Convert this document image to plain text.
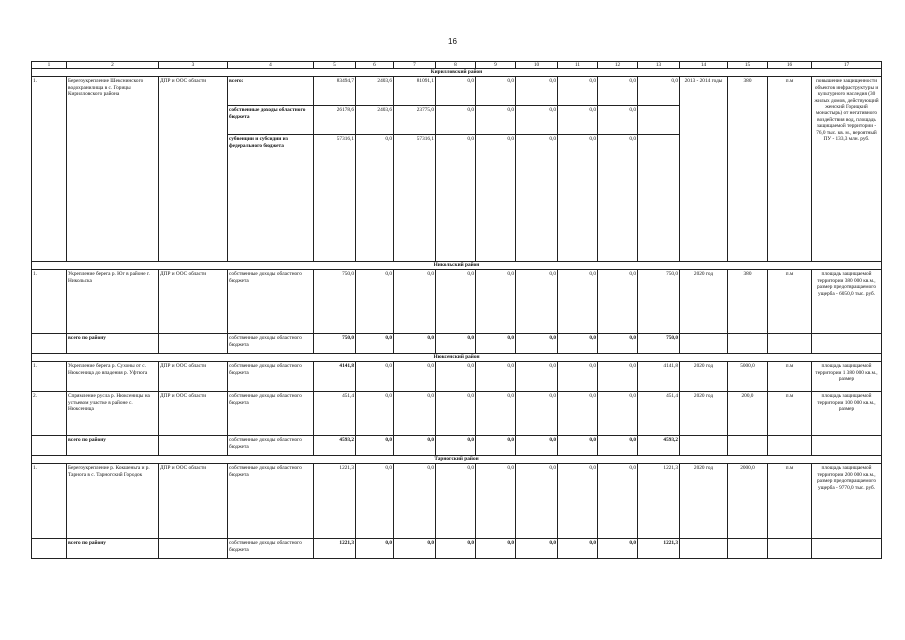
16
1	2	3	4	5	6	7	8	9	10	11	12	13	14	15	16	17
Кирилловский район																
1.	Берегоукрепление Шекснинского водохранилища в с. Горицы Кирилловского района	ДПР и ООС области	всего:	83494,7	2403,6	81091,1	0,0	0,0	0,0	0,0	0,0	0,0	2013 - 2014 годы	380	п.м	повышение защищенности объектов инфраструктуры и культурного наследия (30 жилых домов, действующий женский Горицкий монастырь) от негативного воздействия вод, площадь защищаемой территории - 76,0 тыс. кв. м., вероятный ПУ - 133,3 млн. руб.
			собственные доходы областного бюджета	26178,6	2403,6	23775,0	0,0	0,0	0,0	0,0	0,0					
			субвенции и субсидии из федерального бюджета	57316,1	0,0	57316,1	0,0	0,0	0,0	0,0	0,0					
Никольский район																
1.	Укрепление берега р. Юг в районе г. Никольска	ДПР и ООС области	собственные доходы областного бюджета	750,0	0,0	0,0	0,0	0,0	0,0	0,0	0,0	750,0	2020 год	380	п.м	площадь защищаемой территории 380 000 кв.м., размер предотвращаемого ущерба - 6050,0 тыс. руб.
	всего по району		собственные доходы областного бюджета	750,0	0,0	0,0	0,0	0,0	0,0	0,0	0,0	750,0				
Нюксенский район																
1.	Укрепление берега р. Сухоны от с. Нюксеница до впадения р. Уфтюга	ДПР и ООС области	собственные доходы областного бюджета	4141,8	0,0	0,0	0,0	0,0	0,0	0,0	0,0	4141,8	2020 год	5000,0	п.м	площадь защищаемой территории 1 380 000 кв.м., размер
2.	Спрямление русла р. Нюксеницы на устьевом участке в районе с. Нюксеница	ДПР и ООС области	собственные доходы областного бюджета	451,4	0,0	0,0	0,0	0,0	0,0	0,0	0,0	451,4	2020 год	200,0	п.м	площадь защищаемой территории 100 000 кв.м., размер
	всего по району		собственные доходы областного бюджета	4593,2	0,0	0,0	0,0	0,0	0,0	0,0	0,0	4593,2				
Тарногский район																
1.	Берегоукрепление р. Кокшеньга и р. Тарнога в с. Тарногский Городок	ДПР и ООС области	собственные доходы областного бюджета	1221,3	0,0	0,0	0,0	0,0	0,0	0,0	0,0	1221,3	2020 год	2000,0	п.м	площадь защищаемой территории 200 000 кв.м., размер предотвращаемого ущерба - 9770,0 тыс. руб.
	всего по району		собственные доходы областного бюджета	1221,3	0,0	0,0	0,0	0,0	0,0	0,0	0,0	1221,3				
